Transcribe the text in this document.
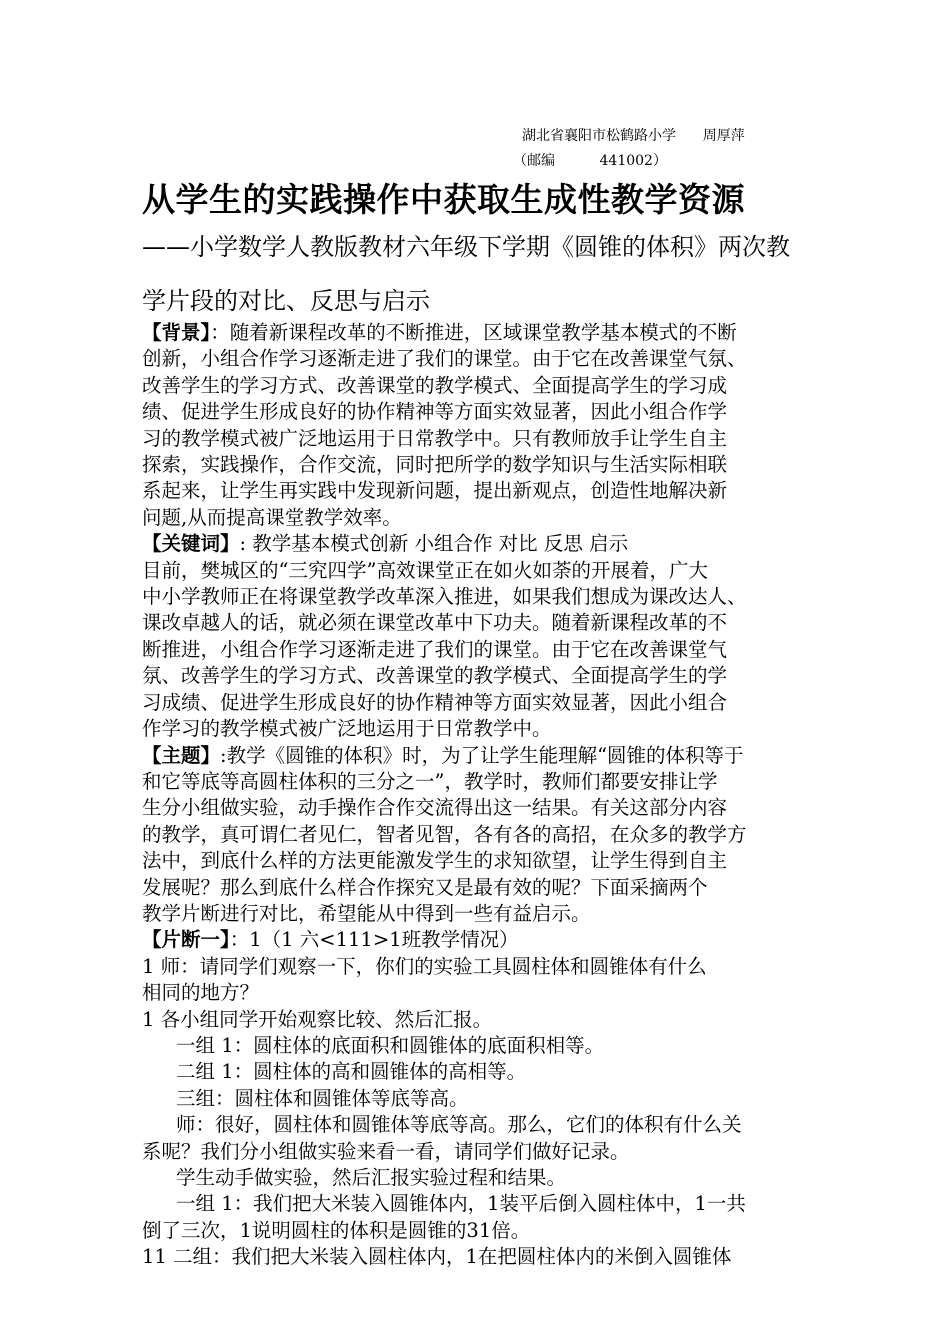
湖北省襄阳市松鹤路小学      周厚萍
（邮编          441002）
从学生的实践操作中获取生成性教学资源
——小学数学人教版教材六年级下学期《圆锥的体积》两次教
学片段的对比、反思与启示

【背景】：随着新课程改革的不断推进，区域课堂教学基本模式的不断

创新，小组合作学习逐渐走进了我们的课堂。由于它在改善课堂气氛、

改善学生的学习方式、改善课堂的教学模式、全面提高学生的学习成

绩、促进学生形成良好的协作精神等方面实效显著，因此小组合作学

习的教学模式被广泛地运用于日常教学中。只有教师放手让学生自主

探索，实践操作，合作交流，同时把所学的数学知识与生活实际相联

系起来，让学生再实践中发现新问题，提出新观点，创造性地解决新

问题,从而提高课堂教学效率。

【关键词】: 教学基本模式创新 小组合作 对比 反思 启示

目前，樊城区的“三究四学”高效课堂正在如火如荼的开展着，广大

中小学教师正在将课堂教学改革深入推进，如果我们想成为课改达人、

课改卓越人的话，就必须在课堂改革中下功夫。随着新课程改革的不

断推进，小组合作学习逐渐走进了我们的课堂。由于它在改善课堂气

氛、改善学生的学习方式、改善课堂的教学模式、全面提高学生的学

习成绩、促进学生形成良好的协作精神等方面实效显著，因此小组合

作学习的教学模式被广泛地运用于日常教学中。

【主题】:教学《圆锥的体积》时，为了让学生能理解“圆锥的体积等于

和它等底等高圆柱体积的三分之一”，教学时，教师们都要安排让学

生分小组做实验，动手操作合作交流得出这一结果。有关这部分内容

的教学，真可谓仁者见仁，智者见智，各有各的高招，在众多的教学方

法中，到底什么样的方法更能激发学生的求知欲望，让学生得到自主

发展呢？那么到底什么样合作探究又是最有效的呢？下面采摘两个

教学片断进行对比，希望能从中得到一些有益启示。

【片断一】：1（1 六<111>1班教学情况）

1 师：请同学们观察一下，你们的实验工具圆柱体和圆锥体有什么

相同的地方？

1 各小组同学开始观察比较、然后汇报。

一组 1：圆柱体的底面积和圆锥体的底面积相等。

二组 1：圆柱体的高和圆锥体的高相等。

三组：圆柱体和圆锥体等底等高。

师：很好，圆柱体和圆锥体等底等高。那么，它们的体积有什么关

系呢？我们分小组做实验来看一看，请同学们做好记录。

学生动手做实验，然后汇报实验过程和结果。

一组 1：我们把大米装入圆锥体内，1装平后倒入圆柱体中，1一共

倒了三次，1说明圆柱的体积是圆锥的31倍。

11 二组：我们把大米装入圆柱体内，1在把圆柱体内的米倒入圆锥体
